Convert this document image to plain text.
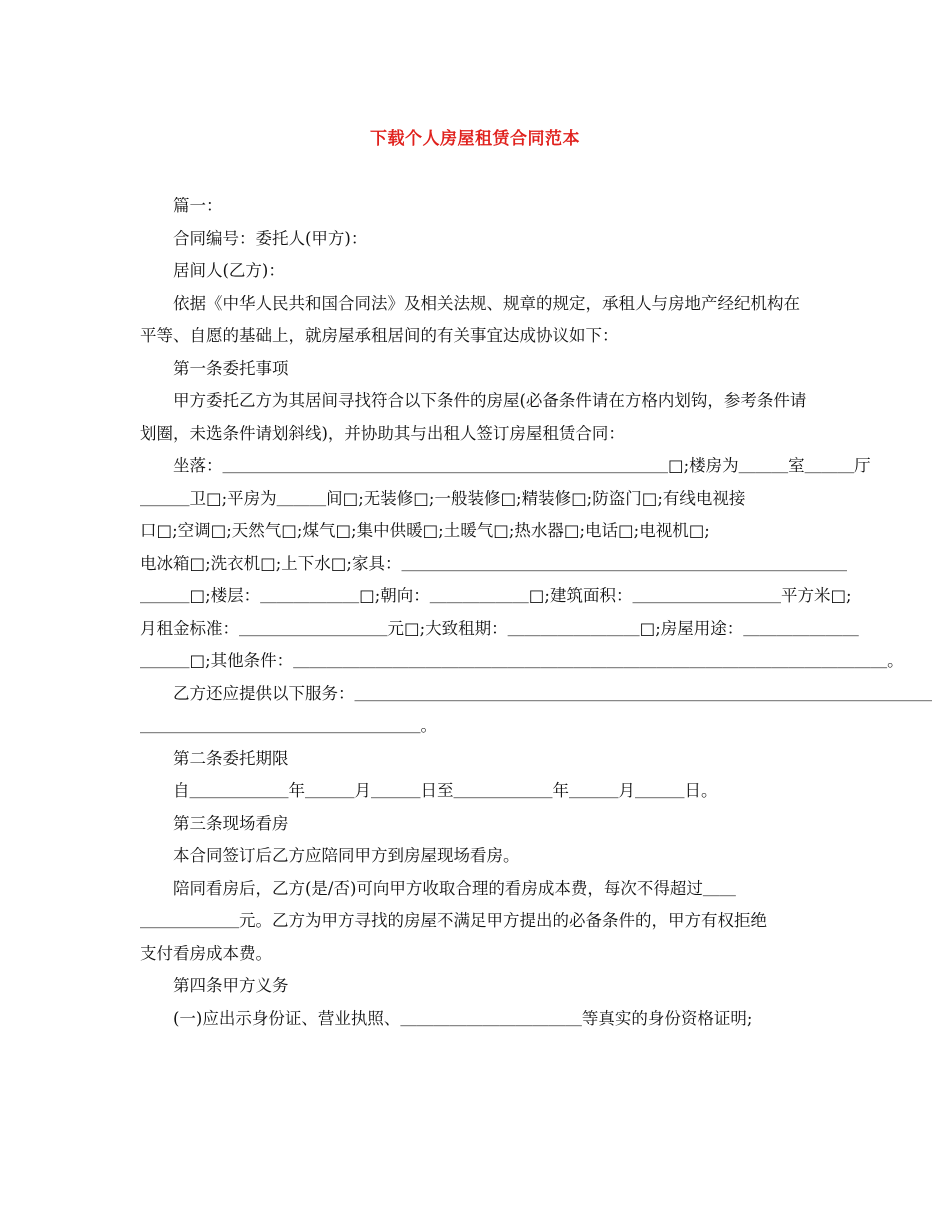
下载个人房屋租赁合同范本

篇一：

合同编号：委托人(甲方)：

居间人(乙方)：

依据《中华人民共和国合同法》及相关法规、规章的规定，承租人与房地产经纪机构在平等、自愿的基础上，就房屋承租居间的有关事宜达成协议如下：

第一条委托事项

甲方委托乙方为其居间寻找符合以下条件的房屋(必备条件请在方格内划钩，参考条件请划圈，未选条件请划斜线)，并协助其与出租人签订房屋租赁合同：

坐落：＿＿＿＿＿＿＿＿＿＿＿＿＿＿＿＿＿＿＿＿＿＿＿＿＿＿＿□;楼房为＿＿＿室＿＿＿厅

＿＿＿卫□;平房为＿＿＿间□;无装修□;一般装修□;精装修□;防盗门□;有线电视接

口□;空调□;天然气□;煤气□;集中供暖□;土暖气□;热水器□;电话□;电视机□;

电冰箱□;洗衣机□;上下水□;家具：＿＿＿＿＿＿＿＿＿＿＿＿＿＿＿＿＿＿＿＿＿＿＿＿＿＿＿

＿＿＿□;楼层：＿＿＿＿＿＿□;朝向：＿＿＿＿＿＿□;建筑面积：＿＿＿＿＿＿＿＿＿平方米□;

月租金标准：＿＿＿＿＿＿＿＿＿元□;大致租期：＿＿＿＿＿＿＿＿□;房屋用途：＿＿＿＿＿＿＿

＿＿＿□;其他条件：＿＿＿＿＿＿＿＿＿＿＿＿＿＿＿＿＿＿＿＿＿＿＿＿＿＿＿＿＿＿＿＿＿＿＿＿。

乙方还应提供以下服务：＿＿＿＿＿＿＿＿＿＿＿＿＿＿＿＿＿＿＿＿＿＿＿＿＿＿＿＿＿＿＿＿＿＿＿

＿＿＿＿＿＿＿＿＿＿＿＿＿＿＿＿＿。

第二条委托期限

自＿＿＿＿＿＿年＿＿＿月＿＿＿日至＿＿＿＿＿＿年＿＿＿月＿＿＿日。

第三条现场看房

本合同签订后乙方应陪同甲方到房屋现场看房。

陪同看房后，乙方(是/否)可向甲方收取合理的看房成本费，每次不得超过＿＿

＿＿＿＿＿＿元。乙方为甲方寻找的房屋不满足甲方提出的必备条件的，甲方有权拒绝

支付看房成本费。

第四条甲方义务

(一)应出示身份证、营业执照、＿＿＿＿＿＿＿＿＿＿＿等真实的身份资格证明;
